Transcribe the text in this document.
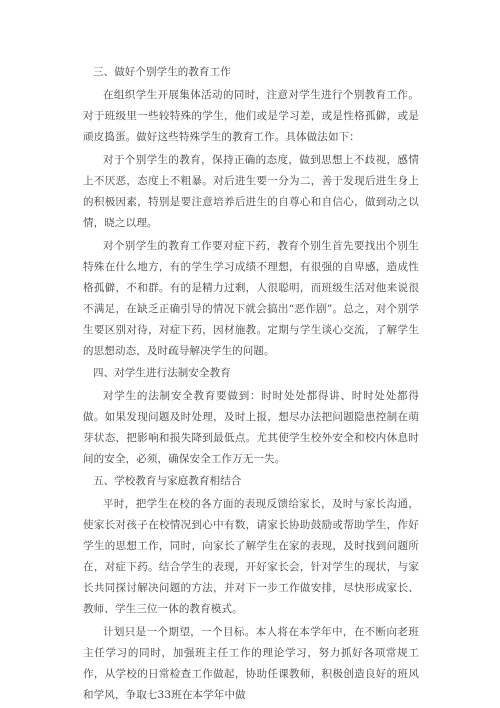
三、做好个别学生的教育工作

在组织学生开展集体活动的同时，注意对学生进行个别教育工作。对于班级里一些较特殊的学生，他们或是学习差，或是性格孤僻，或是顽皮捣蛋。做好这些特殊学生的教育工作。具体做法如下：

对于个别学生的教育，保持正确的态度，做到思想上不歧视，感情上不厌恶，态度上不粗暴。对后进生要一分为二，善于发现后进生身上的积极因素，特别是要注意培养后进生的自尊心和自信心，做到动之以情，晓之以理。

对个别学生的教育工作要对症下药，教育个别生首先要找出个别生特殊在什么地方，有的学生学习成绩不理想，有很强的自卑感，造成性格孤僻，不和群。有的是精力过剩，人很聪明，而班级生活对他来说很不满足，在缺乏正确引导的情况下就会搞出“恶作剧”。总之，对个别学生要区别对待，对症下药，因材施教。定期与学生谈心交流，了解学生的思想动态，及时疏导解决学生的问题。

四、对学生进行法制安全教育

对学生的法制安全教育要做到：时时处处都得讲、时时处处都得做。如果发现问题及时处理，及时上报，想尽办法把问题隐患控制在萌芽状态，把影响和损失降到最低点。尤其使学生校外安全和校内休息时间的安全，必须，确保安全工作万无一失。

五、学校教育与家庭教育相结合

平时，把学生在校的各方面的表现反馈给家长，及时与家长沟通，使家长对孩子在校情况到心中有数，请家长协助鼓励或帮助学生，作好学生的思想工作，同时，向家长了解学生在家的表现，及时找到问题所在，对症下药。结合学生的表现，开好家长会，针对学生的现状，与家长共同探讨解决问题的方法，并对下一步工作做安排，尽快形成家长、教师、学生三位一体的教育模式。

计划只是一个期望，一个目标。本人将在本学年中，在不断向老班主任学习的同时，加强班主任工作的理论学习，努力抓好各项常规工作，从学校的日常检查工作做起，协助任课教师，积极创造良好的班风和学风，争取七33班在本学年中做
